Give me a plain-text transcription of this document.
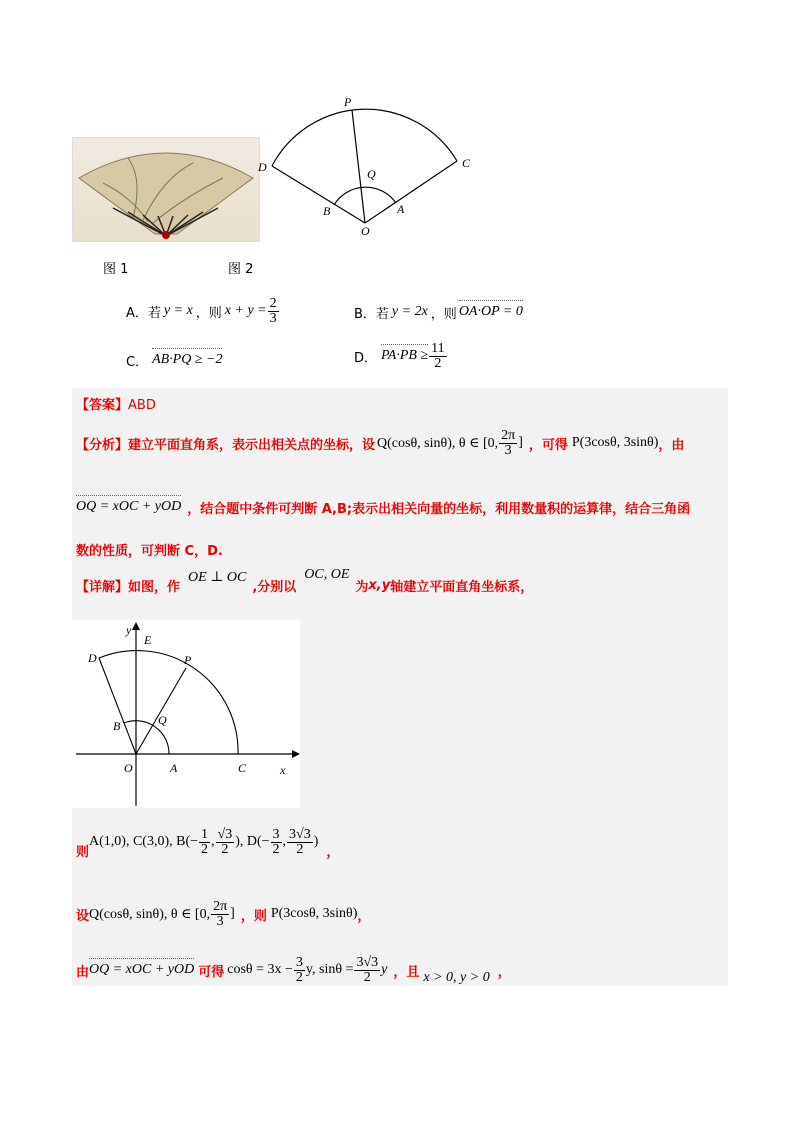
P
D	C
Q
B	A
O
图 1	图 2
A．若 y = x ，则 $x + y = \frac{2}{3}$	B．若 y = 2x ，则 OA·OP = 0
C． AB·PQ ≥ −2	D． $PA\cdot PB \ge \frac{11}{2}$
【答案】ABD
【分析】 建立平面直角系，表示出相关点的坐标，设 Q(cosθ, sinθ), θ ∈ [0, $\frac{2\pi}{3}$ ] ，可得 P(3cosθ, 3sinθ) ，由
OQ = xOC + yOD ，结合题中条件可判断 A,B;表示出相关向量的坐标，利用数量积的运算律，结合三角函
数的性质，可判断 C，D.
【详解】 如图，作
OE ⊥ OC
,分别以
OC, OE
为 x,y 轴建立平面直角坐标系，
y
E
D	P
B	Q
O	A	C	x
则
A(1,0), C(3,0), $B(- \frac{1}{2}$ , $\frac{√3}{2}$ ), $D(- \frac{3}{2}$ , $\frac{3√3}{2}$ )
，
设 Q(cosθ, sinθ), θ ∈ [0, $\frac{2\pi}{3}$ ] ，则 P(3cosθ, 3sinθ) ，
由 OQ = xOC + yOD 可得 $\cos\theta = 3x - \frac{3}{2} y$, $\sin\theta = \frac{3√3}{2}$ y ，且 x > 0, y > 0 ，
